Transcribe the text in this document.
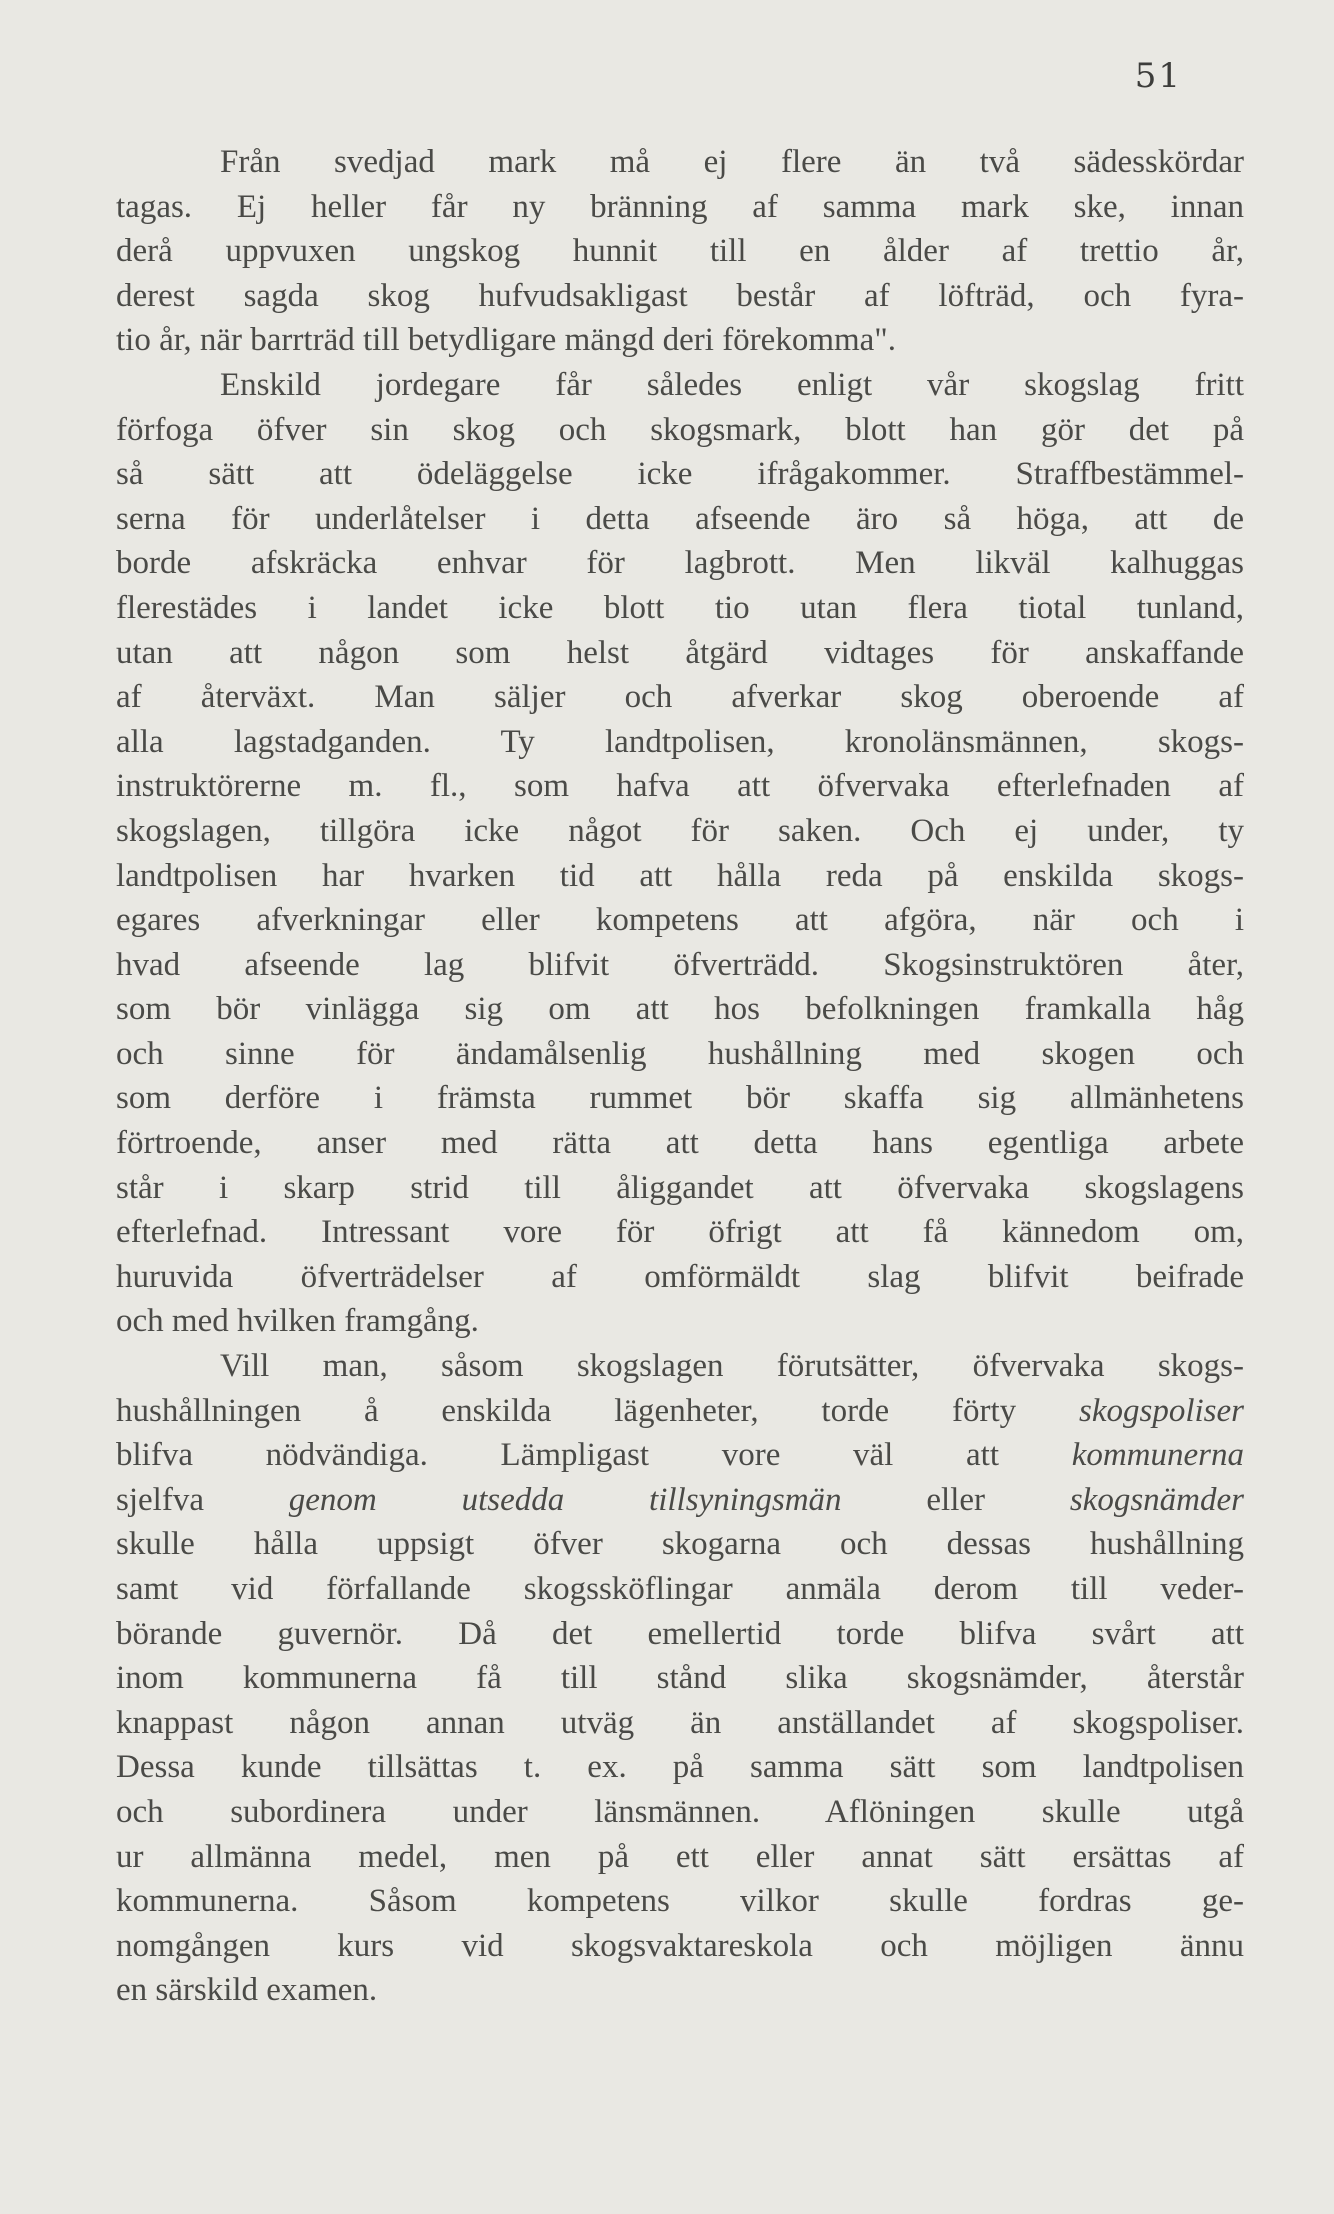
51
Från svedjad mark må ej flere än två sädesskördar
tagas. Ej heller får ny bränning af samma mark ske, innan
derå uppvuxen ungskog hunnit till en ålder af trettio år,
derest sagda skog hufvudsakligast består af löfträd, och fyra-
tio år, när barrträd till betydligare mängd deri förekomma".
Enskild jordegare får således enligt vår skogslag fritt
förfoga öfver sin skog och skogsmark, blott han gör det på
så sätt att ödeläggelse icke ifrågakommer. Straffbestämmel-
serna för underlåtelser i detta afseende äro så höga, att de
borde afskräcka enhvar för lagbrott. Men likväl kalhuggas
flerestädes i landet icke blott tio utan flera tiotal tunland,
utan att någon som helst åtgärd vidtages för anskaffande
af återväxt. Man säljer och afverkar skog oberoende af
alla lagstadganden. Ty landtpolisen, kronolänsmännen, skogs-
instruktörerne m. fl., som hafva att öfvervaka efterlefnaden af
skogslagen, tillgöra icke något för saken. Och ej under, ty
landtpolisen har hvarken tid att hålla reda på enskilda skogs-
egares afverkningar eller kompetens att afgöra, när och i
hvad afseende lag blifvit öfverträdd. Skogsinstruktören åter,
som bör vinlägga sig om att hos befolkningen framkalla håg
och sinne för ändamålsenlig hushållning med skogen och
som derföre i främsta rummet bör skaffa sig allmänhetens
förtroende, anser med rätta att detta hans egentliga arbete
står i skarp strid till åliggandet att öfvervaka skogslagens
efterlefnad. Intressant vore för öfrigt att få kännedom om,
huruvida öfverträdelser af omförmäldt slag blifvit beifrade
och med hvilken framgång.
Vill man, såsom skogslagen förutsätter, öfvervaka skogs-
hushållningen å enskilda lägenheter, torde förty skogspoliser
blifva nödvändiga. Lämpligast vore väl att kommunerna
sjelfva genom utsedda tillsyningsmän eller skogsnämder
skulle hålla uppsigt öfver skogarna och dessas hushållning
samt vid förfallande skogssköflingar anmäla derom till veder-
börande guvernör. Då det emellertid torde blifva svårt att
inom kommunerna få till stånd slika skogsnämder, återstår
knappast någon annan utväg än anställandet af skogspoliser.
Dessa kunde tillsättas t. ex. på samma sätt som landtpolisen
och subordinera under länsmännen. Aflöningen skulle utgå
ur allmänna medel, men på ett eller annat sätt ersättas af
kommunerna. Såsom kompetens vilkor skulle fordras ge-
nomgången kurs vid skogsvaktareskola och möjligen ännu
en särskild examen.
